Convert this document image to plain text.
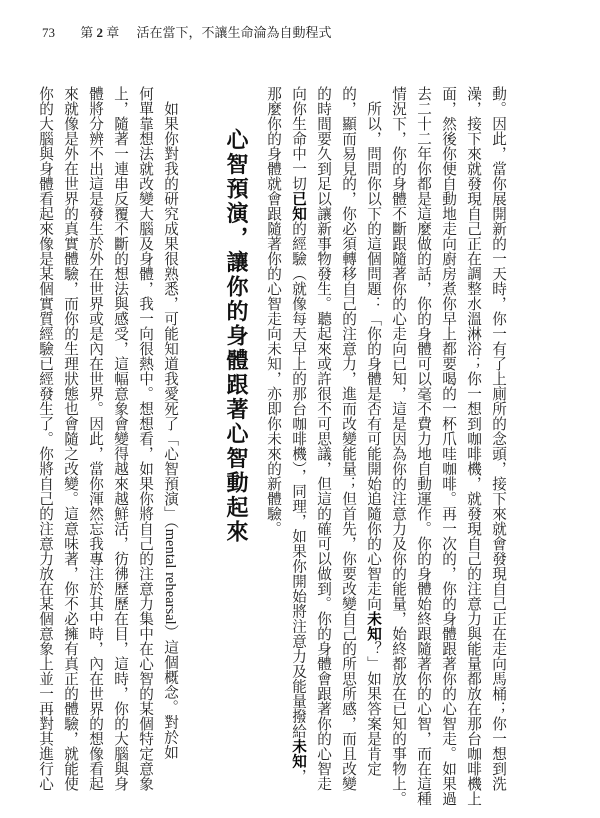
73 第 2 章 活在當下，不讓生命淪為自動程式
動。因此，當你展開新的一天時，你一有了上廁所的念頭，接下來就會發現自己正在走向馬桶；你一想到洗
澡，接下來就發現自己正在調整水溫淋浴；你一想到咖啡機，就發現自己的注意力與能量都放在那台咖啡機上
面，然後你便自動地走向廚房煮你早上都要喝的一杯爪哇咖啡。再一次的，你的身體跟著你的心智走。如果過
去二十二年你都是這麼做的話，你的身體可以毫不費力地自動運作。你的身體始終跟隨著你的心智，而在這種
情況下，你的身體不斷跟隨著你的心走向已知，這是因為你的注意力及你的能量，始終都放在已知的事物上。
　所以，問問你以下的這個問題：「你的身體是否有可能開始追隨你的心智走向未知？」如果答案是肯定
的，顯而易見的，你必須轉移自己的注意力，進而改變能量；但首先，你要改變自己的所思所感，而且改變
的時間要久到足以讓新事物發生。聽起來或許很不可思議，但這的確可以做到。你的身體會跟著你的心智走
向你生命中一切已知的經驗（就像每天早上的那台咖啡機），同理，如果你開始將注意力及能量撥給未知，
那麼你的身體就會跟隨著你的心智走向未知，亦即你未來的新體驗。
心智預演，讓你的身體跟著心智動起來
　如果你對我的研究成果很熟悉，可能知道我愛死了「心智預演」（mental rehearsal）這個概念。對於如
何單靠想法就改變大腦及身體，我一向很熱中。想想看，如果你將自己的注意力集中在心智的某個特定意象
上，隨著一連串反覆不斷的想法與感受，這幅意象會變得越來越鮮活，彷彿歷歷在目，這時，你的大腦與身
體將分辨不出這是發生於外在世界或是內在世界。因此，當你渾然忘我專注於其中時，內在世界的想像看起
來就像是外在世界的真實體驗，而你的生理狀態也會隨之改變。這意味著，你不必擁有真正的體驗，就能使
你的大腦與身體看起來像是某個實質經驗已經發生了。你將自己的注意力放在某個意象上並一再對其進行心
